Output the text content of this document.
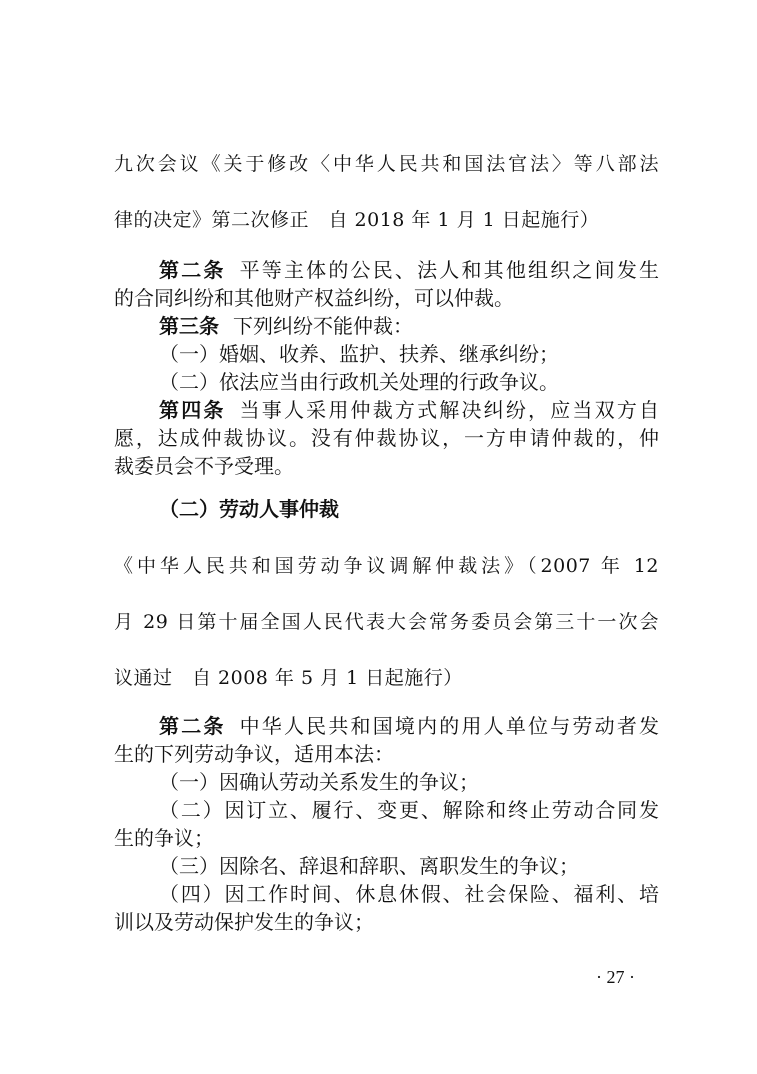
九次会议《关于修改〈中华人民共和国法官法〉等八部法
律的决定》第二次修正　自 2018 年 1 月 1 日起施行）
第二条 平等主体的公民、法人和其他组织之间发生
的合同纠纷和其他财产权益纠纷，可以仲裁。
第三条 下列纠纷不能仲裁：
（一）婚姻、收养、监护、扶养、继承纠纷；
（二）依法应当由行政机关处理的行政争议。
第四条 当事人采用仲裁方式解决纠纷，应当双方自
愿，达成仲裁协议。没有仲裁协议，一方申请仲裁的，仲
裁委员会不予受理。
（二）劳动人事仲裁
《中华人民共和国劳动争议调解仲裁法》（2007 年 12
月 29 日第十届全国人民代表大会常务委员会第三十一次会
议通过　自 2008 年 5 月 1 日起施行）
第二条 中华人民共和国境内的用人单位与劳动者发
生的下列劳动争议，适用本法：
（一）因确认劳动关系发生的争议；
（二）因订立、履行、变更、解除和终止劳动合同发
生的争议；
（三）因除名、辞退和辞职、离职发生的争议；
（四）因工作时间、休息休假、社会保险、福利、培
训以及劳动保护发生的争议；
· 27 ·
